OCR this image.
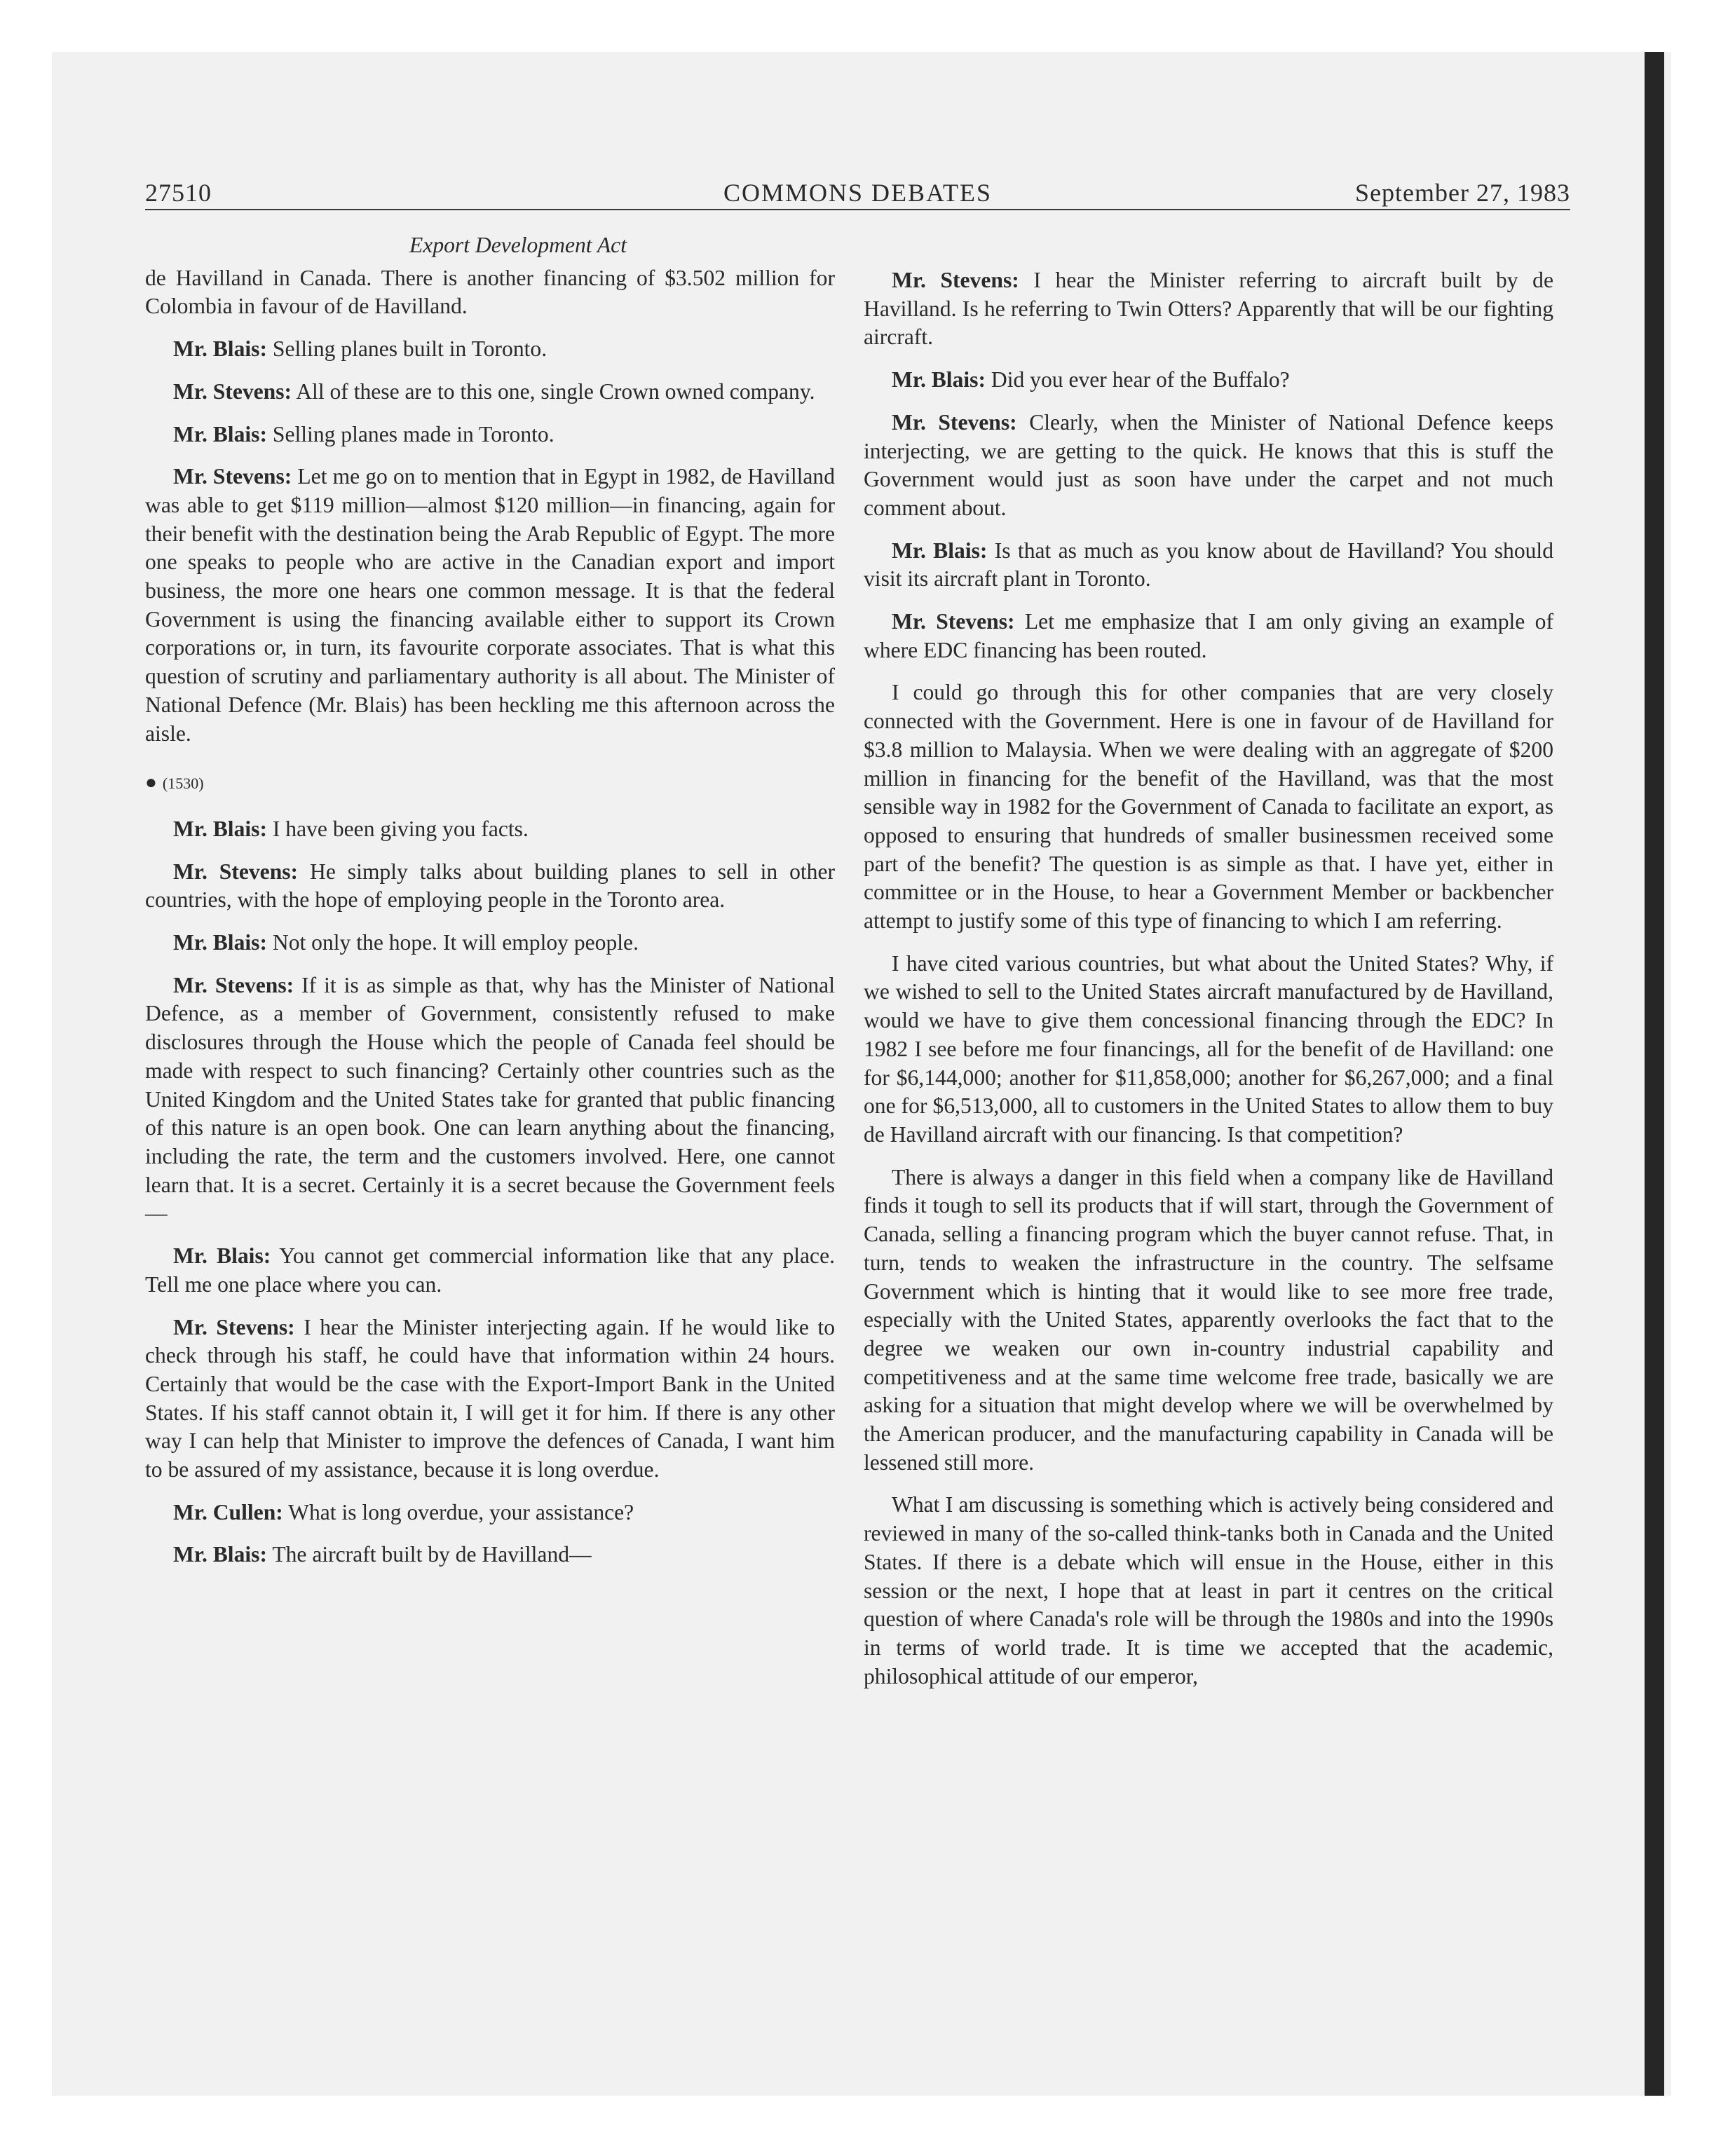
27510	COMMONS DEBATES	September 27, 1983
Export Development Act

de Havilland in Canada. There is another financing of $3.502 million for Colombia in favour of de Havilland.

Mr. Blais: Selling planes built in Toronto.

Mr. Stevens: All of these are to this one, single Crown owned company.

Mr. Blais: Selling planes made in Toronto.

Mr. Stevens: Let me go on to mention that in Egypt in 1982, de Havilland was able to get $119 million—almost $120 million—in financing, again for their benefit with the destination being the Arab Republic of Egypt. The more one speaks to people who are active in the Canadian export and import business, the more one hears one common message. It is that the federal Government is using the financing available either to support its Crown corporations or, in turn, its favourite corporate associates. That is what this question of scrutiny and parliamentary authority is all about. The Minister of National Defence (Mr. Blais) has been heckling me this afternoon across the aisle.

● (1530)

Mr. Blais: I have been giving you facts.

Mr. Stevens: He simply talks about building planes to sell in other countries, with the hope of employing people in the Toronto area.

Mr. Blais: Not only the hope. It will employ people.

Mr. Stevens: If it is as simple as that, why has the Minister of National Defence, as a member of Government, consistently refused to make disclosures through the House which the people of Canada feel should be made with respect to such financing? Certainly other countries such as the United Kingdom and the United States take for granted that public financing of this nature is an open book. One can learn anything about the financing, including the rate, the term and the customers involved. Here, one cannot learn that. It is a secret. Certainly it is a secret because the Government feels—

Mr. Blais: You cannot get commercial information like that any place. Tell me one place where you can.

Mr. Stevens: I hear the Minister interjecting again. If he would like to check through his staff, he could have that information within 24 hours. Certainly that would be the case with the Export-Import Bank in the United States. If his staff cannot obtain it, I will get it for him. If there is any other way I can help that Minister to improve the defences of Canada, I want him to be assured of my assistance, because it is long overdue.

Mr. Cullen: What is long overdue, your assistance?

Mr. Blais: The aircraft built by de Havilland—

Mr. Stevens: I hear the Minister referring to aircraft built by de Havilland. Is he referring to Twin Otters? Apparently that will be our fighting aircraft.

Mr. Blais: Did you ever hear of the Buffalo?

Mr. Stevens: Clearly, when the Minister of National Defence keeps interjecting, we are getting to the quick. He knows that this is stuff the Government would just as soon have under the carpet and not much comment about.

Mr. Blais: Is that as much as you know about de Havilland? You should visit its aircraft plant in Toronto.

Mr. Stevens: Let me emphasize that I am only giving an example of where EDC financing has been routed.

I could go through this for other companies that are very closely connected with the Government. Here is one in favour of de Havilland for $3.8 million to Malaysia. When we were dealing with an aggregate of $200 million in financing for the benefit of the Havilland, was that the most sensible way in 1982 for the Government of Canada to facilitate an export, as opposed to ensuring that hundreds of smaller businessmen received some part of the benefit? The question is as simple as that. I have yet, either in committee or in the House, to hear a Government Member or backbencher attempt to justify some of this type of financing to which I am referring.

I have cited various countries, but what about the United States? Why, if we wished to sell to the United States aircraft manufactured by de Havilland, would we have to give them concessional financing through the EDC? In 1982 I see before me four financings, all for the benefit of de Havilland: one for $6,144,000; another for $11,858,000; another for $6,267,000; and a final one for $6,513,000, all to customers in the United States to allow them to buy de Havilland aircraft with our financing. Is that competition?

There is always a danger in this field when a company like de Havilland finds it tough to sell its products that if will start, through the Government of Canada, selling a financing program which the buyer cannot refuse. That, in turn, tends to weaken the infrastructure in the country. The selfsame Government which is hinting that it would like to see more free trade, especially with the United States, apparently overlooks the fact that to the degree we weaken our own in-country industrial capability and competitiveness and at the same time welcome free trade, basically we are asking for a situation that might develop where we will be overwhelmed by the American producer, and the manufacturing capability in Canada will be lessened still more.

What I am discussing is something which is actively being considered and reviewed in many of the so-called think-tanks both in Canada and the United States. If there is a debate which will ensue in the House, either in this session or the next, I hope that at least in part it centres on the critical question of where Canada's role will be through the 1980s and into the 1990s in terms of world trade. It is time we accepted that the academic, philosophical attitude of our emperor,
